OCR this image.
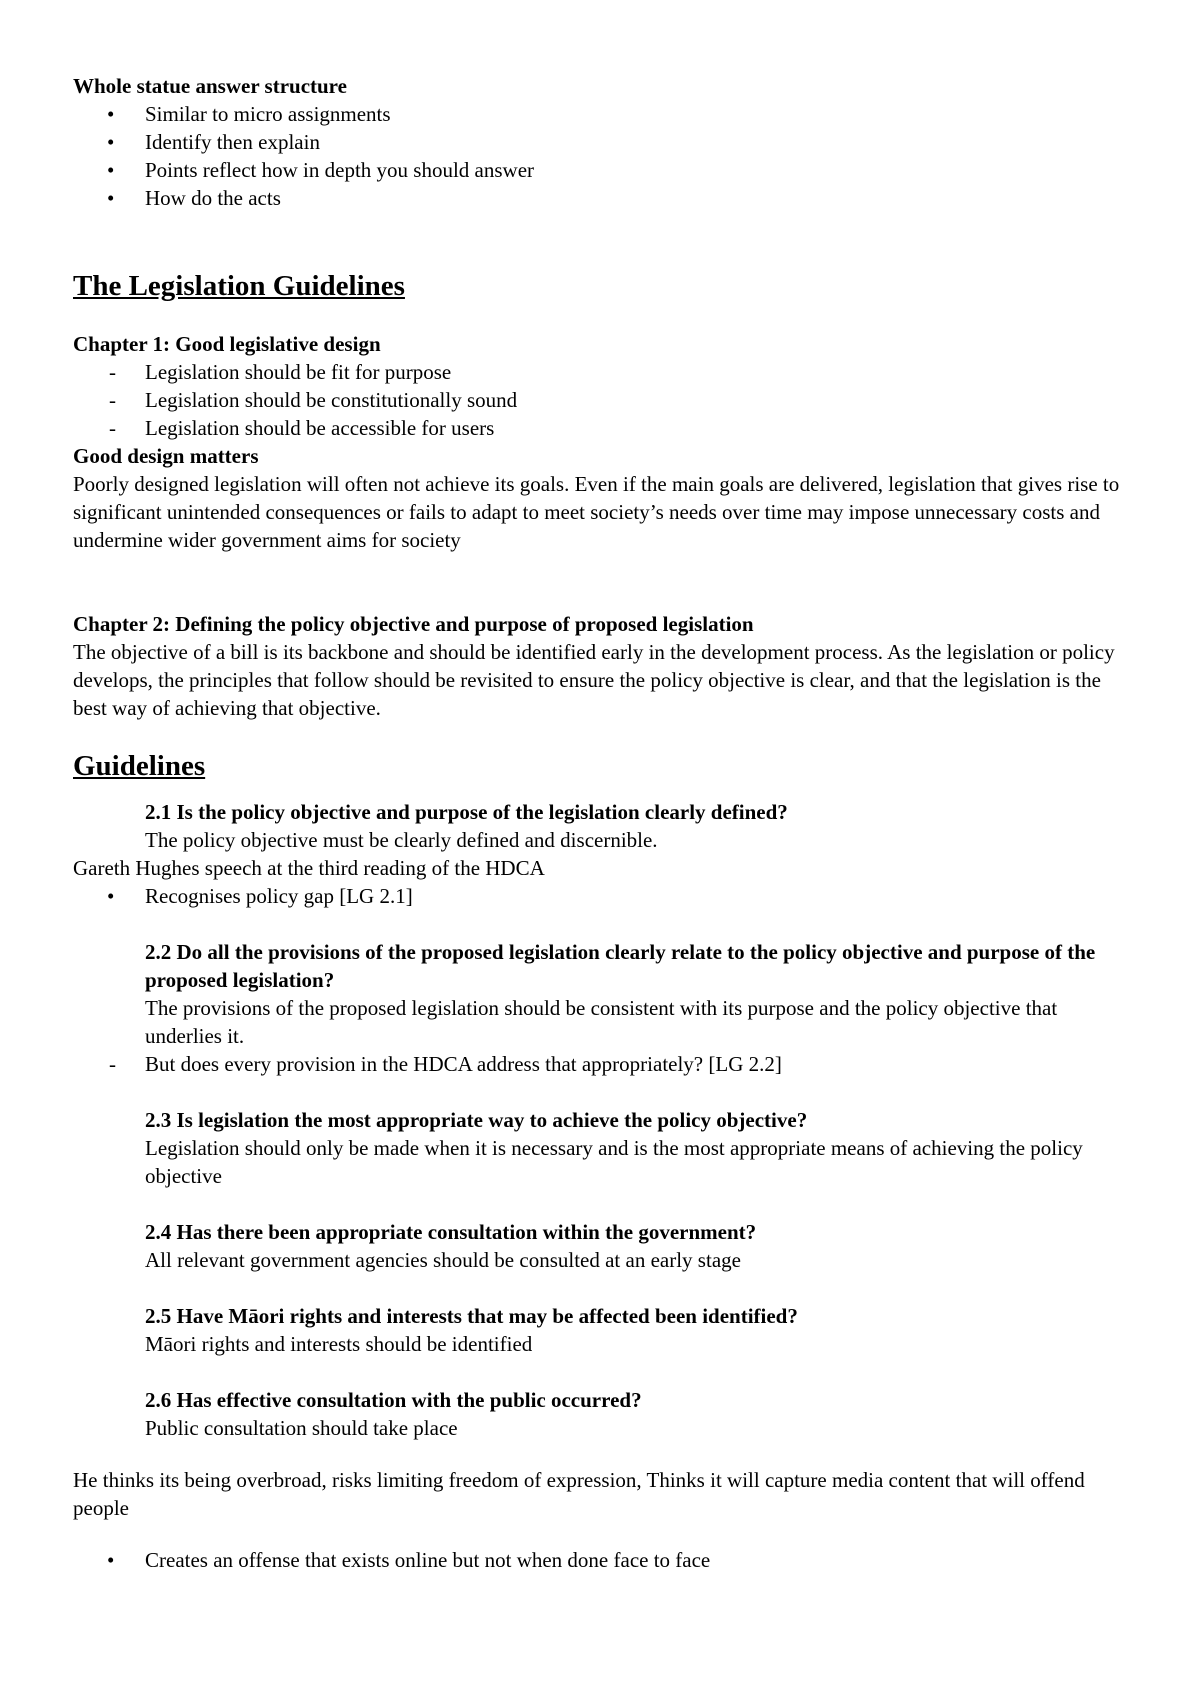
Whole statue answer structure
• Similar to micro assignments
• Identify then explain
• Points reflect how in depth you should answer
• How do the acts
The Legislation Guidelines
Chapter 1: Good legislative design
- Legislation should be fit for purpose
- Legislation should be constitutionally sound
- Legislation should be accessible for users
Good design matters
Poorly designed legislation will often not achieve its goals. Even if the main goals are delivered, legislation that gives rise to significant unintended consequences or fails to adapt to meet society’s needs over time may impose unnecessary costs and undermine wider government aims for society
Chapter 2: Defining the policy objective and purpose of proposed legislation
The objective of a bill is its backbone and should be identified early in the development process. As the legislation or policy develops, the principles that follow should be revisited to ensure the policy objective is clear, and that the legislation is the best way of achieving that objective.
Guidelines
2.1 Is the policy objective and purpose of the legislation clearly defined?
The policy objective must be clearly defined and discernible.
Gareth Hughes speech at the third reading of the HDCA
• Recognises policy gap [LG 2.1]
2.2 Do all the provisions of the proposed legislation clearly relate to the policy objective and purpose of the proposed legislation?
The provisions of the proposed legislation should be consistent with its purpose and the policy objective that underlies it.
- But does every provision in the HDCA address that appropriately? [LG 2.2]
2.3 Is legislation the most appropriate way to achieve the policy objective?
Legislation should only be made when it is necessary and is the most appropriate means of achieving the policy objective
2.4 Has there been appropriate consultation within the government?
All relevant government agencies should be consulted at an early stage
2.5 Have Māori rights and interests that may be affected been identified?
Māori rights and interests should be identified
2.6 Has effective consultation with the public occurred?
Public consultation should take place
He thinks its being overbroad, risks limiting freedom of expression, Thinks it will capture media content that will offend people
• Creates an offense that exists online but not when done face to face
